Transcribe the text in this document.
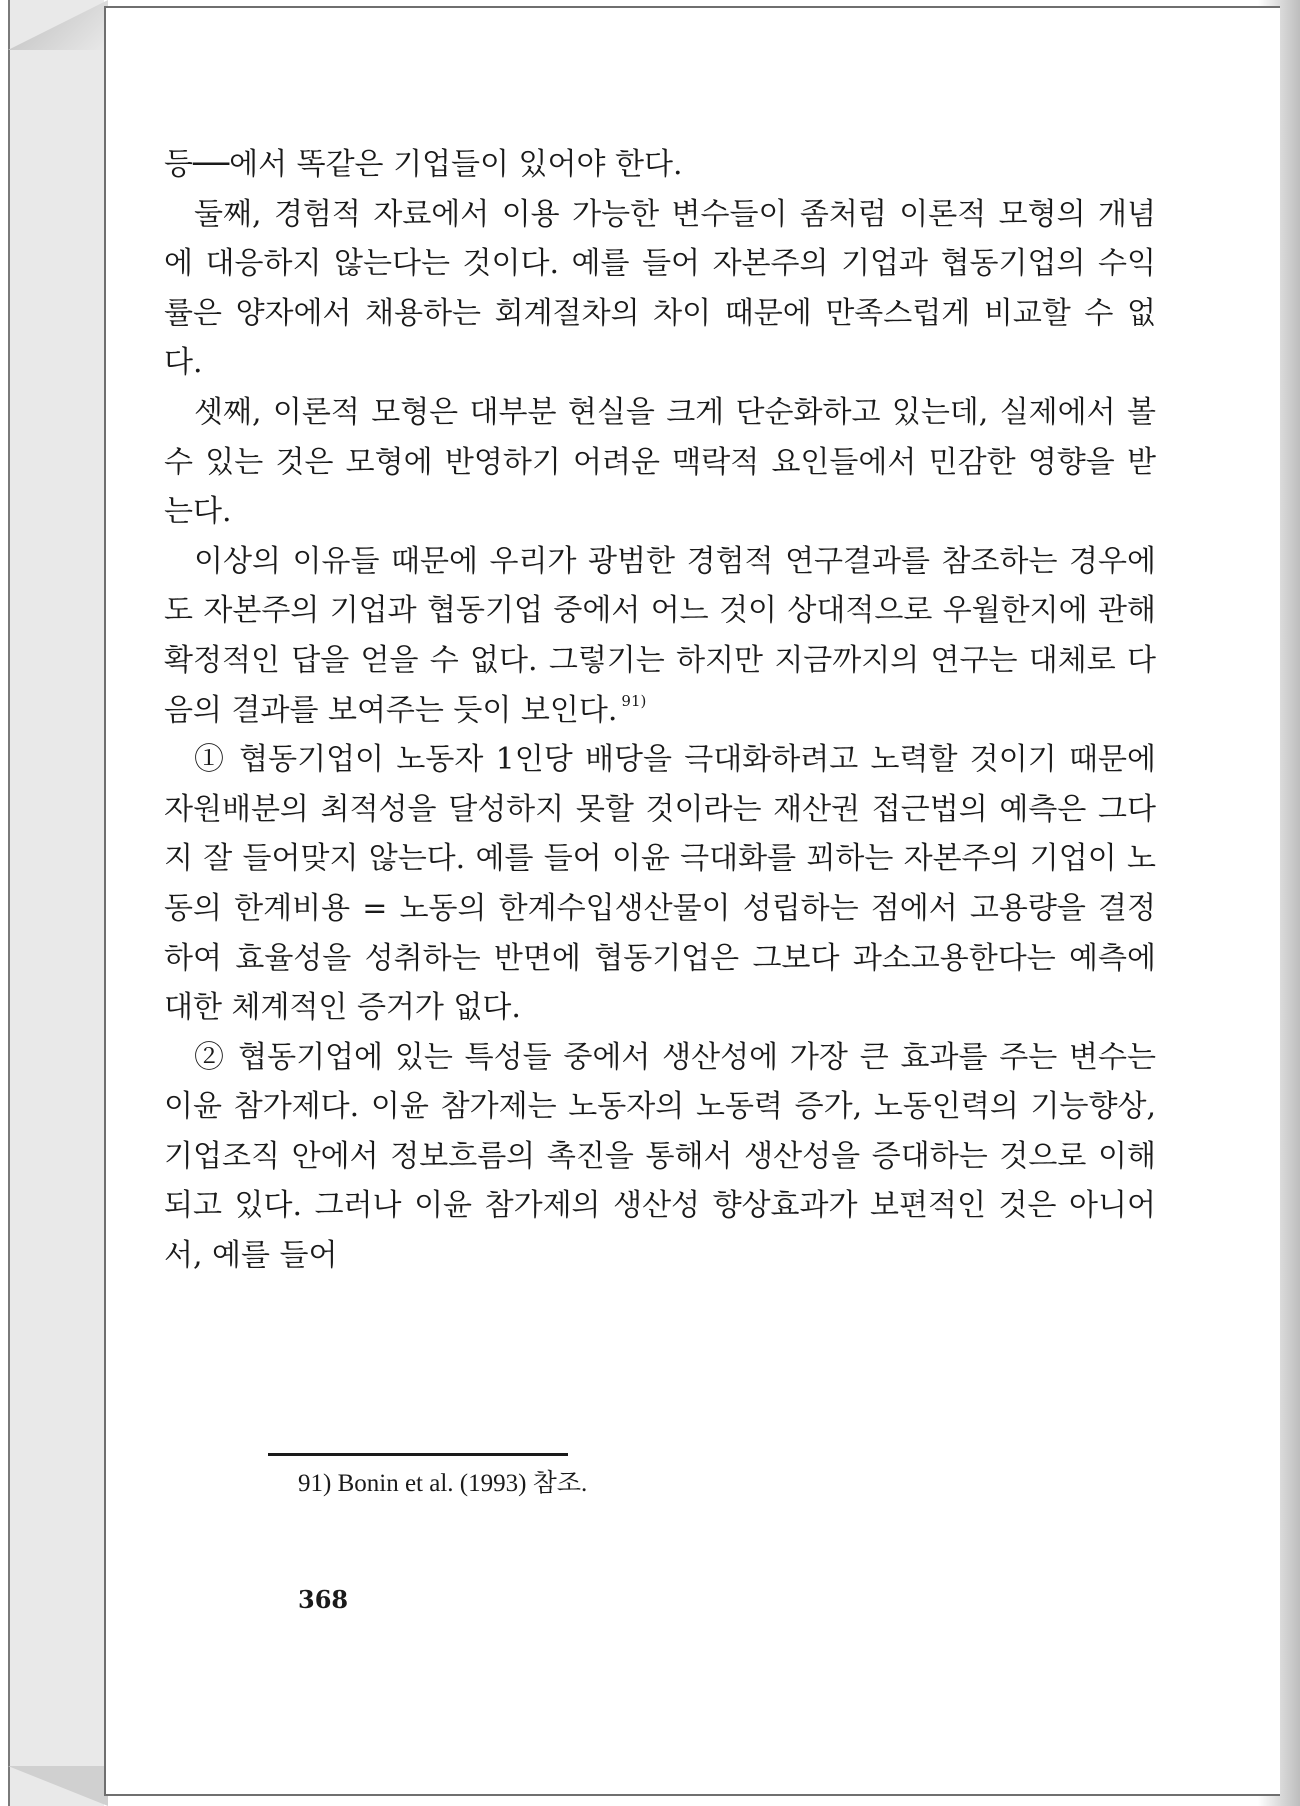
등──에서 똑같은 기업들이 있어야 한다.

둘째, 경험적 자료에서 이용 가능한 변수들이 좀처럼 이론적 모형의 개념에 대응하지 않는다는 것이다. 예를 들어 자본주의 기업과 협동기업의 수익률은 양자에서 채용하는 회계절차의 차이 때문에 만족스럽게 비교할 수 없다.

셋째, 이론적 모형은 대부분 현실을 크게 단순화하고 있는데, 실제에서 볼 수 있는 것은 모형에 반영하기 어려운 맥락적 요인들에서 민감한 영향을 받는다.

이상의 이유들 때문에 우리가 광범한 경험적 연구결과를 참조하는 경우에도 자본주의 기업과 협동기업 중에서 어느 것이 상대적으로 우월한지에 관해 확정적인 답을 얻을 수 없다. 그렇기는 하지만 지금까지의 연구는 대체로 다음의 결과를 보여주는 듯이 보인다. $^{91)}$

① 협동기업이 노동자 1인당 배당을 극대화하려고 노력할 것이기 때문에 자원배분의 최적성을 달성하지 못할 것이라는 재산권 접근법의 예측은 그다지 잘 들어맞지 않는다. 예를 들어 이윤 극대화를 꾀하는 자본주의 기업이 노동의 한계비용 = 노동의 한계수입생산물이 성립하는 점에서 고용량을 결정하여 효율성을 성취하는 반면에 협동기업은 그보다 과소고용한다는 예측에 대한 체계적인 증거가 없다.

② 협동기업에 있는 특성들 중에서 생산성에 가장 큰 효과를 주는 변수는 이윤 참가제다. 이윤 참가제는 노동자의 노동력 증가, 노동인력의 기능향상, 기업조직 안에서 정보흐름의 촉진을 통해서 생산성을 증대하는 것으로 이해되고 있다. 그러나 이윤 참가제의 생산성 향상효과가 보편적인 것은 아니어서, 예를 들어

91) Bonin et al. (1993) 참조.
368
